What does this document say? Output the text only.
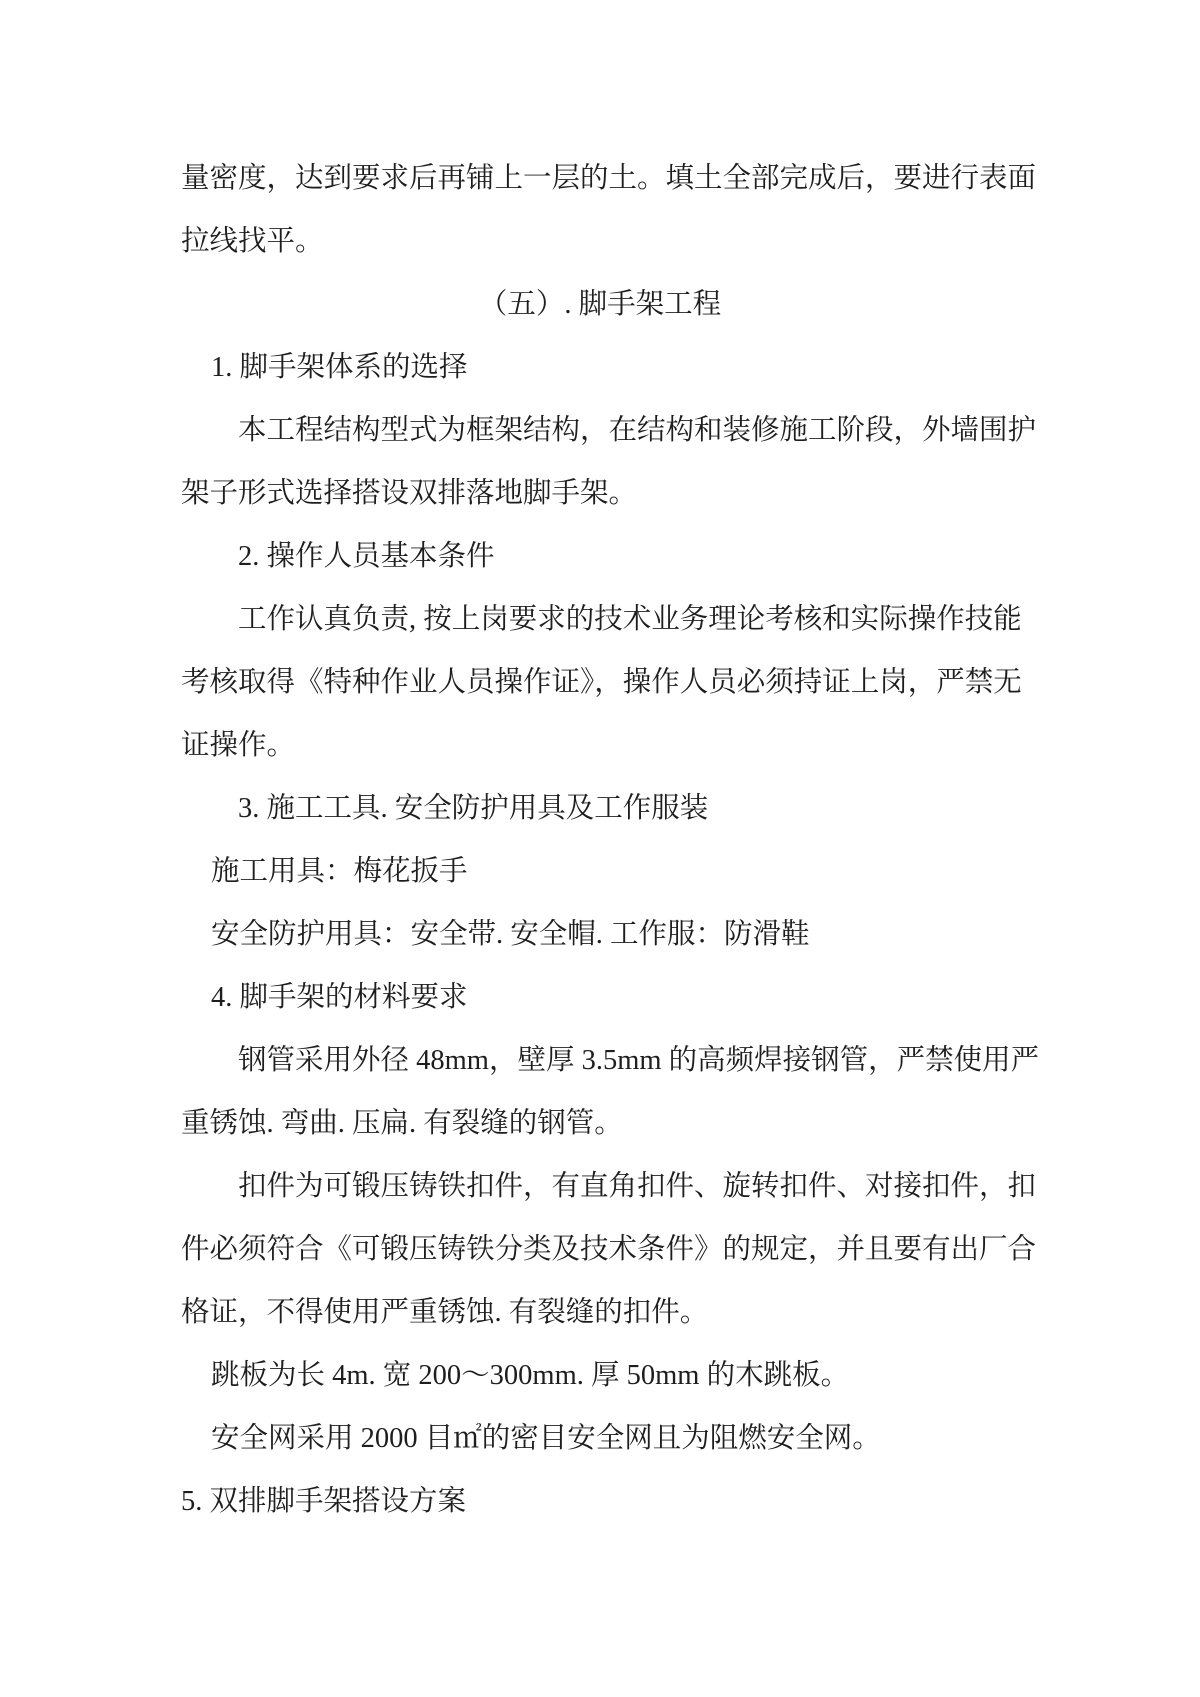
量密度，达到要求后再铺上一层的土。填土全部完成后，要进行表面
拉线找平。
（五）. 脚手架工程
1. 脚手架体系的选择
本工程结构型式为框架结构，在结构和装修施工阶段，外墙围护
架子形式选择搭设双排落地脚手架。
2. 操作人员基本条件
工作认真负责, 按上岗要求的技术业务理论考核和实际操作技能
考核取得《特种作业人员操作证》，操作人员必须持证上岗，严禁无
证操作。
3. 施工工具. 安全防护用具及工作服装
施工用具：梅花扳手
安全防护用具：安全带. 安全帽. 工作服：防滑鞋
4. 脚手架的材料要求
钢管采用外径 48mm，壁厚 3.5mm 的高频焊接钢管，严禁使用严
重锈蚀. 弯曲. 压扁. 有裂缝的钢管。
扣件为可锻压铸铁扣件，有直角扣件、旋转扣件、对接扣件，扣
件必须符合《可锻压铸铁分类及技术条件》的规定，并且要有出厂合
格证，不得使用严重锈蚀. 有裂缝的扣件。
跳板为长 4m. 宽 200～300mm. 厚 50mm 的木跳板。
安全网采用 2000 目㎡的密目安全网且为阻燃安全网。
5. 双排脚手架搭设方案
